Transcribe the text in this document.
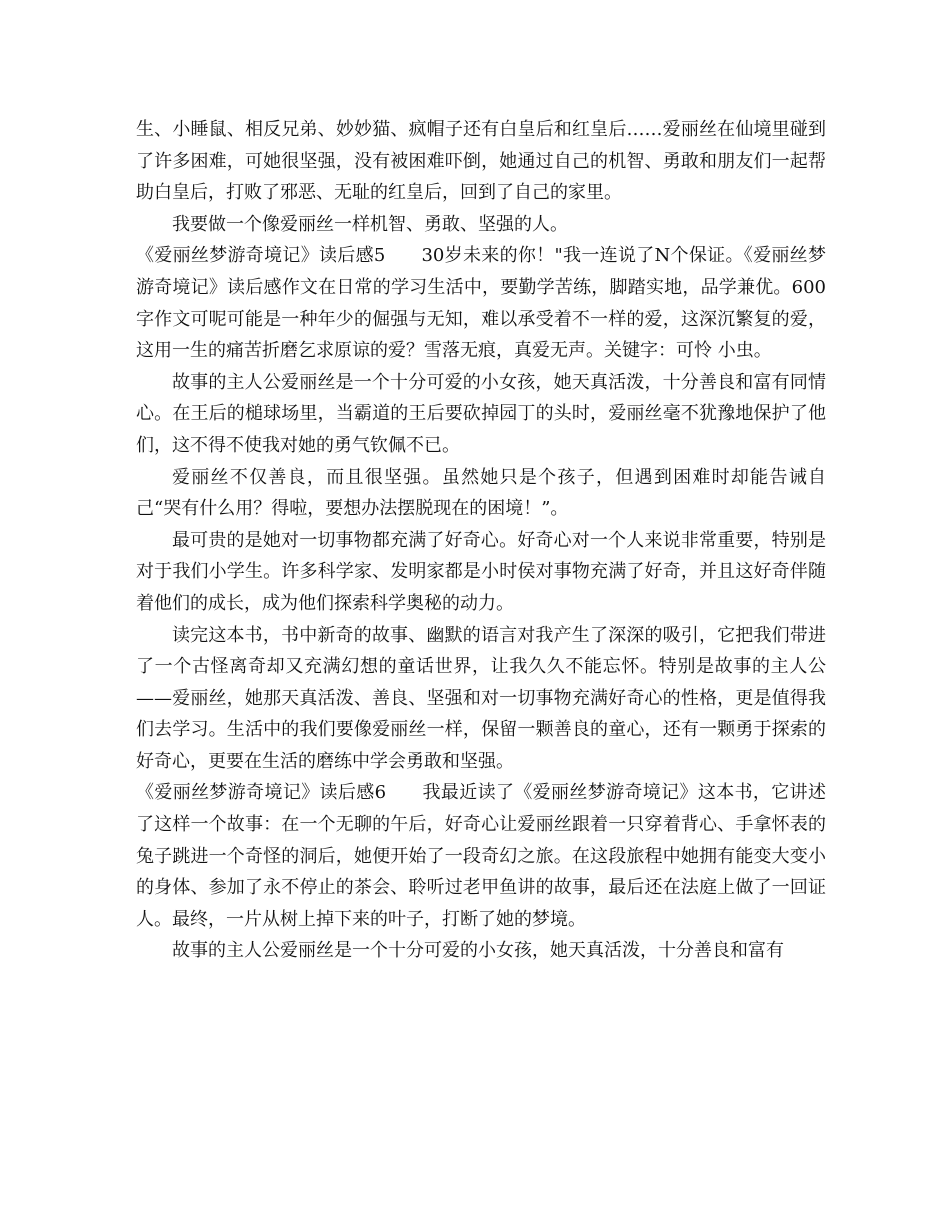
生、小睡鼠、相反兄弟、妙妙猫、疯帽子还有白皇后和红皇后……爱丽丝在仙境里碰到了许多困难，可她很坚强，没有被困难吓倒，她通过自己的机智、勇敢和朋友们一起帮助白皇后，打败了邪恶、无耻的红皇后，回到了自己的家里。

我要做一个像爱丽丝一样机智、勇敢、坚强的人。

《爱丽丝梦游奇境记》读后感5 30岁未来的你！"我一连说了N个保证。《爱丽丝梦游奇境记》读后感作文在日常的学习生活中，要勤学苦练，脚踏实地，品学兼优。600字作文可呢可能是一种年少的倔强与无知，难以承受着不一样的爱，这深沉繁复的爱，这用一生的痛苦折磨乞求原谅的爱？雪落无痕，真爱无声。关键字：可怜 小虫。

故事的主人公爱丽丝是一个十分可爱的小女孩，她天真活泼，十分善良和富有同情心。在王后的槌球场里，当霸道的王后要砍掉园丁的头时，爱丽丝毫不犹豫地保护了他们，这不得不使我对她的勇气钦佩不已。

爱丽丝不仅善良，而且很坚强。虽然她只是个孩子，但遇到困难时却能告诫自己“哭有什么用？得啦，要想办法摆脱现在的困境！”。

最可贵的是她对一切事物都充满了好奇心。好奇心对一个人来说非常重要，特别是对于我们小学生。许多科学家、发明家都是小时侯对事物充满了好奇，并且这好奇伴随着他们的成长，成为他们探索科学奥秘的动力。

读完这本书，书中新奇的故事、幽默的语言对我产生了深深的吸引，它把我们带进了一个古怪离奇却又充满幻想的童话世界，让我久久不能忘怀。特别是故事的主人公——爱丽丝，她那天真活泼、善良、坚强和对一切事物充满好奇心的性格，更是值得我们去学习。生活中的我们要像爱丽丝一样，保留一颗善良的童心，还有一颗勇于探索的好奇心，更要在生活的磨练中学会勇敢和坚强。

《爱丽丝梦游奇境记》读后感6 我最近读了《爱丽丝梦游奇境记》这本书，它讲述了这样一个故事：在一个无聊的午后，好奇心让爱丽丝跟着一只穿着背心、手拿怀表的兔子跳进一个奇怪的洞后，她便开始了一段奇幻之旅。在这段旅程中她拥有能变大变小的身体、参加了永不停止的茶会、聆听过老甲鱼讲的故事，最后还在法庭上做了一回证人。最终，一片从树上掉下来的叶子，打断了她的梦境。

故事的主人公爱丽丝是一个十分可爱的小女孩，她天真活泼，十分善良和富有
